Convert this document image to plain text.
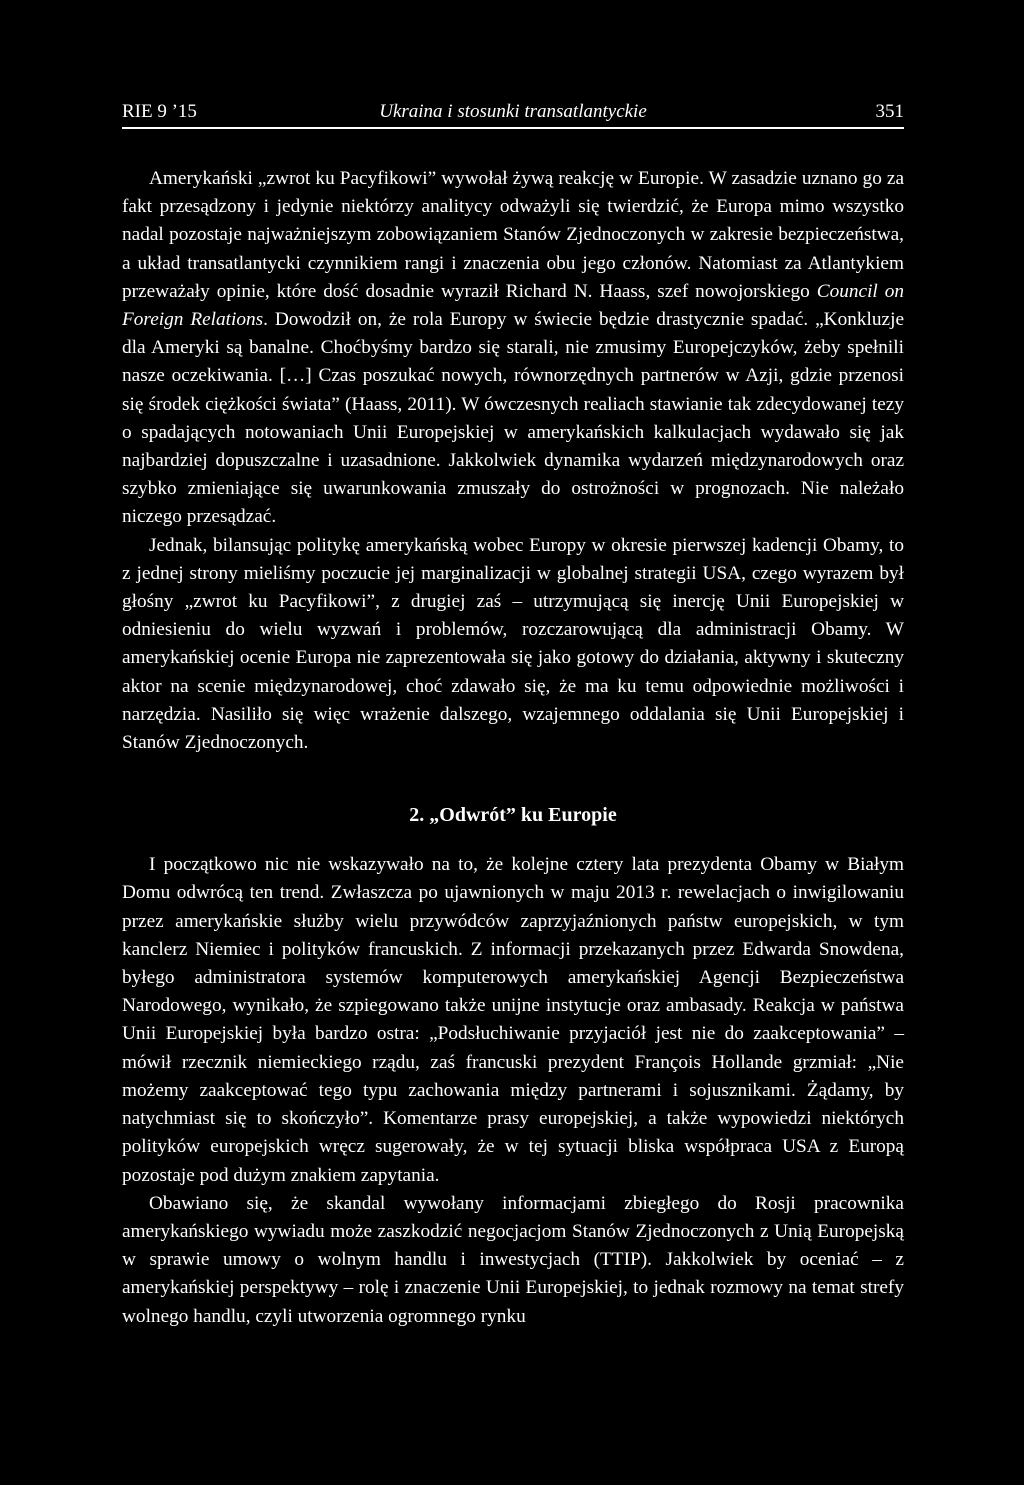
RIE 9 ’15	Ukraina i stosunki transatlantyckie	351

Amerykański „zwrot ku Pacyfikowi” wywołał żywą reakcję w Europie. W zasadzie uznano go za fakt przesądzony i jedynie niektórzy analitycy odważyli się twierdzić, że Europa mimo wszystko nadal pozostaje najważniejszym zobowiązaniem Stanów Zjednoczonych w zakresie bezpieczeństwa, a układ transatlantycki czynnikiem rangi i znaczenia obu jego członów. Natomiast za Atlantykiem przeważały opinie, które dość dosadnie wyraził Richard N. Haass, szef nowojorskiego Council on Foreign Relations. Dowodził on, że rola Europy w świecie będzie drastycznie spadać. „Konkluzje dla Ameryki są banalne. Choćbyśmy bardzo się starali, nie zmusimy Europejczyków, żeby spełnili nasze oczekiwania. […] Czas poszukać nowych, równorzędnych partnerów w Azji, gdzie przenosi się środek ciężkości świata” (Haass, 2011). W ówczesnych realiach stawianie tak zdecydowanej tezy o spadających notowaniach Unii Europejskiej w amerykańskich kalkulacjach wydawało się jak najbardziej dopuszczalne i uzasadnione. Jakkolwiek dynamika wydarzeń międzynarodowych oraz szybko zmieniające się uwarunkowania zmuszały do ostrożności w prognozach. Nie należało niczego przesądzać.

Jednak, bilansując politykę amerykańską wobec Europy w okresie pierwszej kadencji Obamy, to z jednej strony mieliśmy poczucie jej marginalizacji w globalnej strategii USA, czego wyrazem był głośny „zwrot ku Pacyfikowi”, z drugiej zaś – utrzymującą się inercję Unii Europejskiej w odniesieniu do wielu wyzwań i problemów, rozczarowującą dla administracji Obamy. W amerykańskiej ocenie Europa nie zaprezentowała się jako gotowy do działania, aktywny i skuteczny aktor na scenie międzynarodowej, choć zdawało się, że ma ku temu odpowiednie możliwości i narzędzia. Nasiliło się więc wrażenie dalszego, wzajemnego oddalania się Unii Europejskiej i Stanów Zjednoczonych.

2. „Odwrót” ku Europie

I początkowo nic nie wskazywało na to, że kolejne cztery lata prezydenta Obamy w Białym Domu odwrócą ten trend. Zwłaszcza po ujawnionych w maju 2013 r. rewelacjach o inwigilowaniu przez amerykańskie służby wielu przywódców zaprzyjaźnionych państw europejskich, w tym kanclerz Niemiec i polityków francuskich. Z informacji przekazanych przez Edwarda Snowdena, byłego administratora systemów komputerowych amerykańskiej Agencji Bezpieczeństwa Narodowego, wynikało, że szpiegowano także unijne instytucje oraz ambasady. Reakcja w państwa Unii Europejskiej była bardzo ostra: „Podsłuchiwanie przyjaciół jest nie do zaakceptowania” – mówił rzecznik niemieckiego rządu, zaś francuski prezydent François Hollande grzmiał: „Nie możemy zaakceptować tego typu zachowania między partnerami i sojusznikami. Żądamy, by natychmiast się to skończyło”. Komentarze prasy europejskiej, a także wypowiedzi niektórych polityków europejskich wręcz sugerowały, że w tej sytuacji bliska współpraca USA z Europą pozostaje pod dużym znakiem zapytania.

Obawiano się, że skandal wywołany informacjami zbiegłego do Rosji pracownika amerykańskiego wywiadu może zaszkodzić negocjacjom Stanów Zjednoczonych z Unią Europejską w sprawie umowy o wolnym handlu i inwestycjach (TTIP). Jakkolwiek by oceniać – z amerykańskiej perspektywy – rolę i znaczenie Unii Europejskiej, to jednak rozmowy na temat strefy wolnego handlu, czyli utworzenia ogromnego rynku
